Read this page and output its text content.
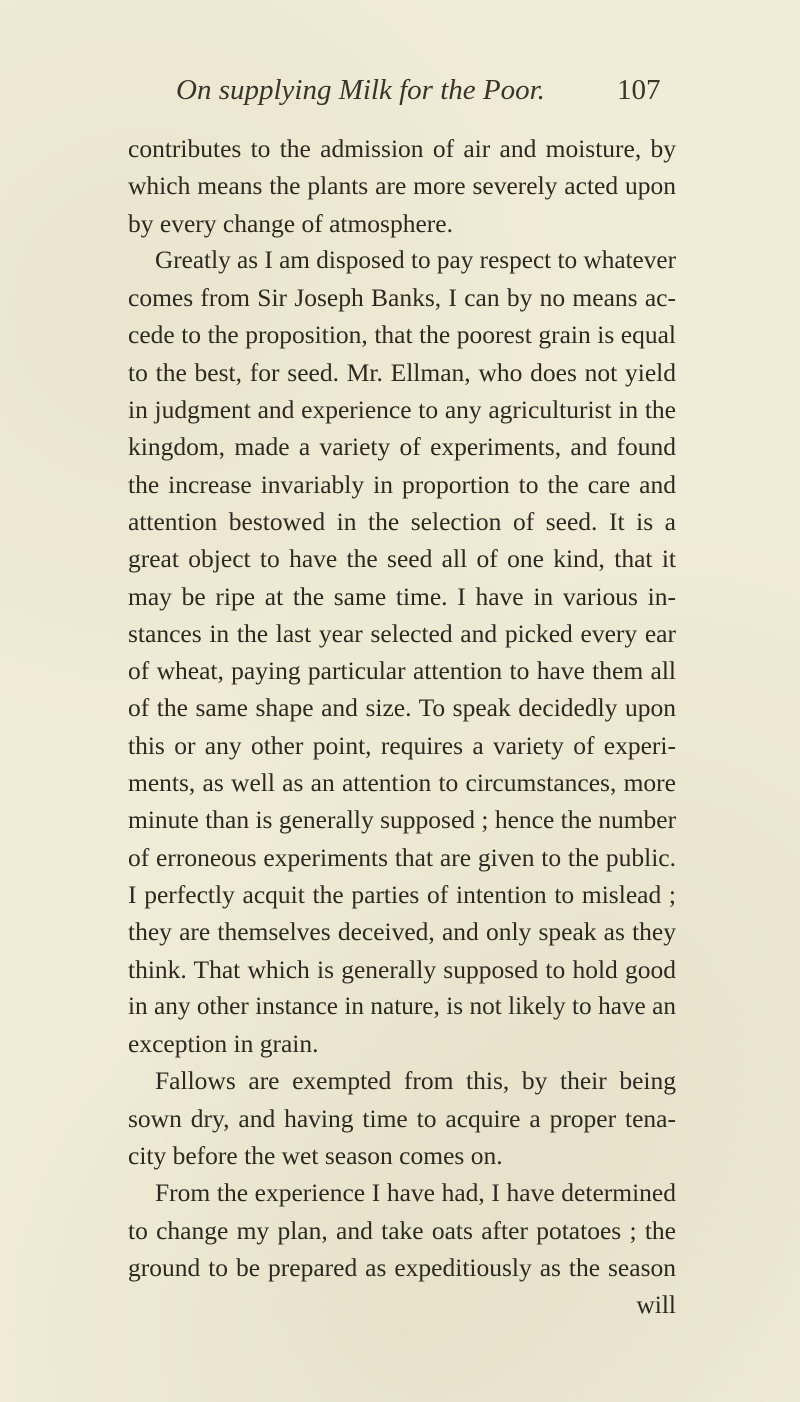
On supplying Milk for the Poor. 107
contributes to the admission of air and moisture, by
which means the plants are more severely acted upon
by every change of atmosphere.
Greatly as I am disposed to pay respect to whatever
comes from Sir Joseph Banks, I can by no means ac-
cede to the proposition, that the poorest grain is equal
to the best, for seed. Mr. Ellman, who does not yield
in judgment and experience to any agriculturist in the
kingdom, made a variety of experiments, and found
the increase invariably in proportion to the care and
attention bestowed in the selection of seed. It is a
great object to have the seed all of one kind, that it
may be ripe at the same time. I have in various in-
stances in the last year selected and picked every ear
of wheat, paying particular attention to have them all
of the same shape and size. To speak decidedly upon
this or any other point, requires a variety of experi-
ments, as well as an attention to circumstances, more
minute than is generally supposed ; hence the number
of erroneous experiments that are given to the public.
I perfectly acquit the parties of intention to mislead ;
they are themselves deceived, and only speak as they
think. That which is generally supposed to hold good
in any other instance in nature, is not likely to have an
exception in grain.
Fallows are exempted from this, by their being
sown dry, and having time to acquire a proper tena-
city before the wet season comes on.
From the experience I have had, I have determined
to change my plan, and take oats after potatoes ; the
ground to be prepared as expeditiously as the season
will
